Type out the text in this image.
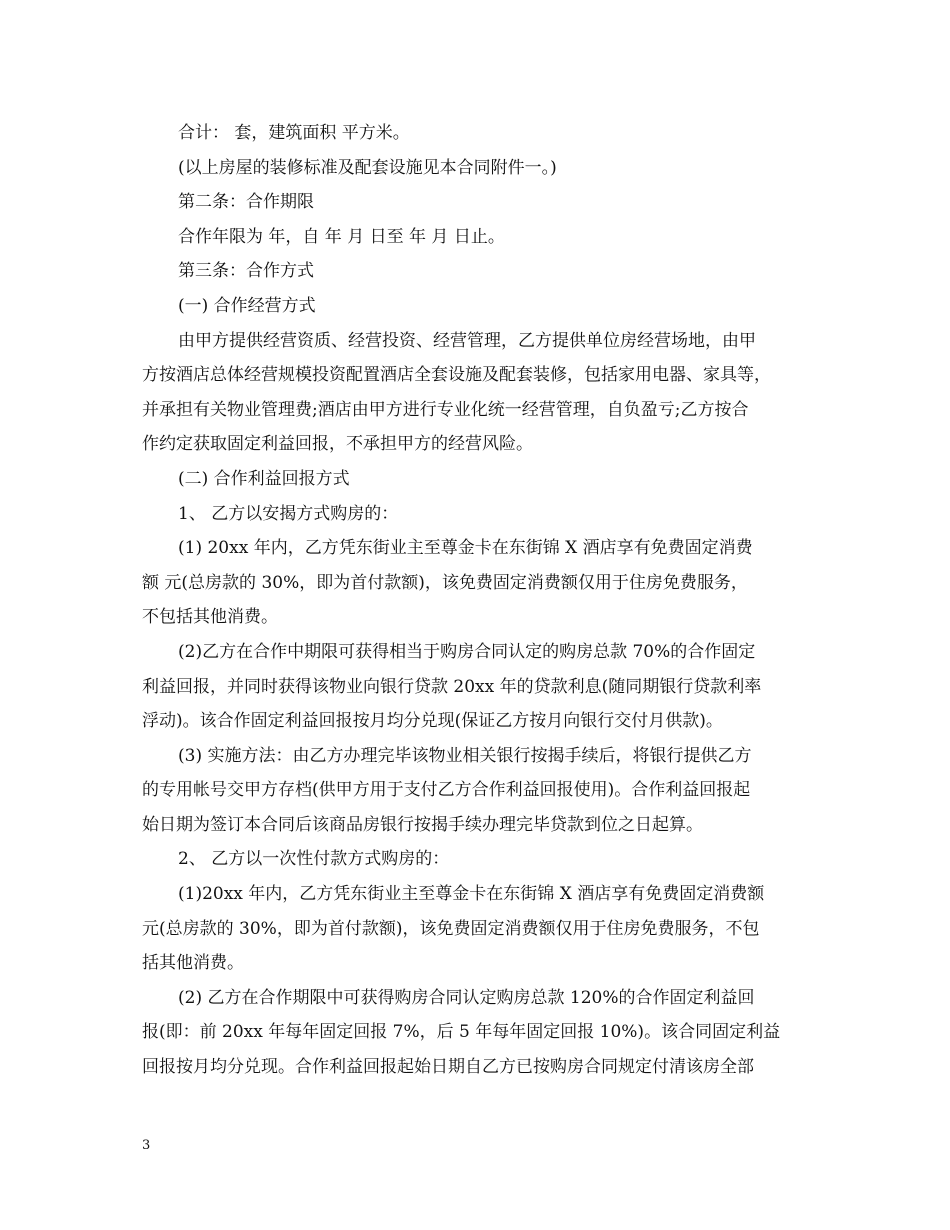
合计： 套，建筑面积 平方米。
(以上房屋的装修标准及配套设施见本合同附件一。)
第二条：合作期限
合作年限为 年，自 年 月 日至 年 月 日止。
第三条：合作方式
(一) 合作经营方式
由甲方提供经营资质、经营投资、经营管理，乙方提供单位房经营场地，由甲
方按酒店总体经营规模投资配置酒店全套设施及配套装修，包括家用电器、家具等，
并承担有关物业管理费;酒店由甲方进行专业化统一经营管理，自负盈亏;乙方按合
作约定获取固定利益回报，不承担甲方的经营风险。
(二) 合作利益回报方式
1、 乙方以安揭方式购房的：
(1) 20xx 年内，乙方凭东街业主至尊金卡在东街锦 X 酒店享有免费固定消费
额 元(总房款的 30%，即为首付款额)，该免费固定消费额仅用于住房免费服务，
不包括其他消费。
(2)乙方在合作中期限可获得相当于购房合同认定的购房总款 70%的合作固定
利益回报，并同时获得该物业向银行贷款 20xx 年的贷款利息(随同期银行贷款利率
浮动)。该合作固定利益回报按月均分兑现(保证乙方按月向银行交付月供款)。
(3) 实施方法：由乙方办理完毕该物业相关银行按揭手续后，将银行提供乙方
的专用帐号交甲方存档(供甲方用于支付乙方合作利益回报使用)。合作利益回报起
始日期为签订本合同后该商品房银行按揭手续办理完毕贷款到位之日起算。
2、 乙方以一次性付款方式购房的：
(1)20xx 年内，乙方凭东街业主至尊金卡在东街锦 X 酒店享有免费固定消费额
元(总房款的 30%，即为首付款额)，该免费固定消费额仅用于住房免费服务，不包
括其他消费。
(2) 乙方在合作期限中可获得购房合同认定购房总款 120%的合作固定利益回
报(即：前 20xx 年每年固定回报 7%，后 5 年每年固定回报 10%)。该合同固定利益
回报按月均分兑现。合作利益回报起始日期自乙方已按购房合同规定付清该房全部
3
